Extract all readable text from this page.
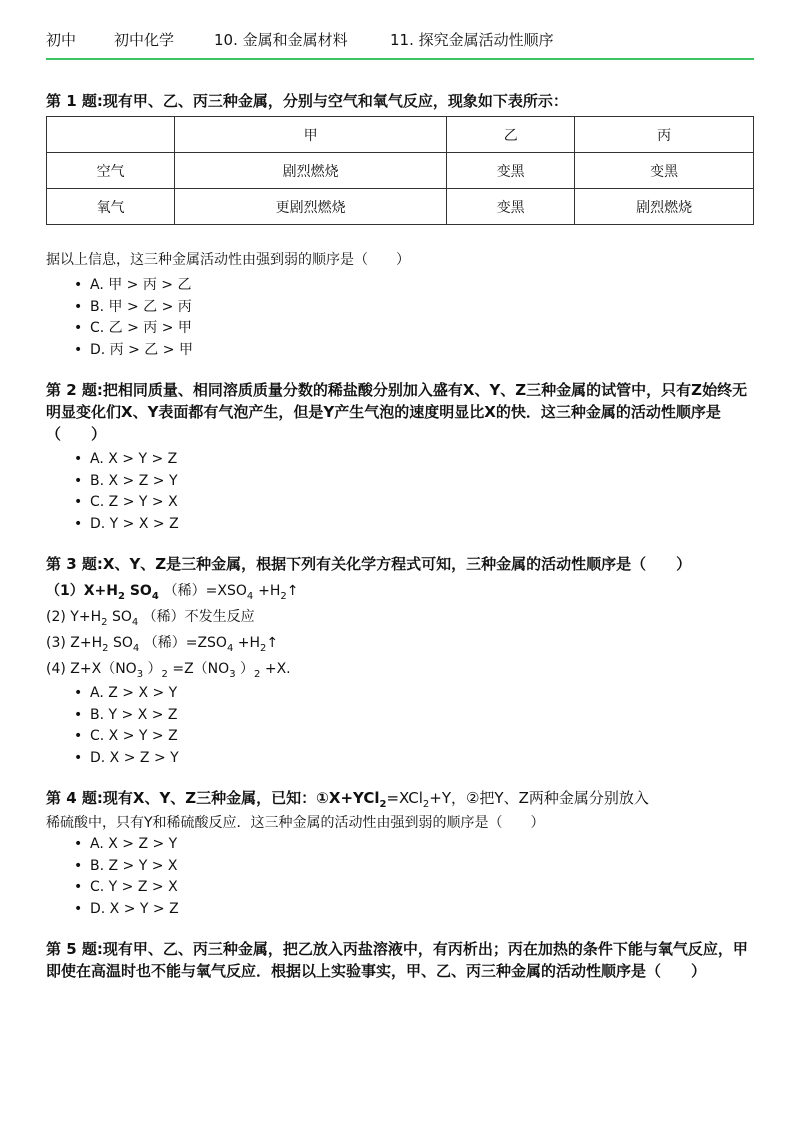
初中	初中化学	10. 金属和金属材料	11. 探究金属活动性顺序
第 1 题:现有甲、乙、丙三种金属，分别与空气和氧气反应，现象如下表所示：
	甲	乙	丙
空气	剧烈燃烧	变黑	变黑
氧气	更剧烈燃烧	变黑	剧烈燃烧
据以上信息，这三种金属活动性由强到弱的顺序是（　　）
• A. 甲 > 丙 > 乙
• B. 甲 > 乙 > 丙
• C. 乙 > 丙 > 甲
• D. 丙 > 乙 > 甲
第 2 题:把相同质量、相同溶质质量分数的稀盐酸分别加入盛有X、Y、Z三种金属的试管中，只有Z始终无明显变化们X、Y表面都有气泡产生，但是Y产生气泡的速度明显比X的快．这三种金属的活动性顺序是（　　）
• A. X > Y > Z
• B. X > Z > Y
• C. Z > Y > X
• D. Y > X > Z
第 3 题:X、Y、Z是三种金属，根据下列有关化学方程式可知，三种金属的活动性顺序是（　　）
$(1)X+H_2$ $SO_4$ （稀）$=XSO_4$ $+H_2↑$
(2) $Y+H_2$ $SO_4$ （稀）不发生反应
(3) $Z+H_2$ $SO_4$ （稀）$=ZSO_4$ $+H_2↑$
(4) $Z+X(NO_3$ ）$_2 =Z(NO_3$ ）$_2 +X$.
• A. Z > X > Y
• B. Y > X > Z
• C. X > Y > Z
• D. X > Z > Y
第 4 题:现有X、Y、Z三种金属，已知：①X+YCl$_2$=XCl$_2$+Y，②把Y、Z两种金属分别放入
稀硫酸中，只有Y和稀硫酸反应．这三种金属的活动性由强到弱的顺序是（　　）
• A. X > Z > Y
• B. Z > Y > X
• C. Y > Z > X
• D. X > Y > Z
第 5 题:现有甲、乙、丙三种金属，把乙放入丙盐溶液中，有丙析出；丙在加热的条件下能与氧气反应，甲即使在高温时也不能与氧气反应．根据以上实验事实，甲、乙、丙三种金属的活动性顺序是（　　）
